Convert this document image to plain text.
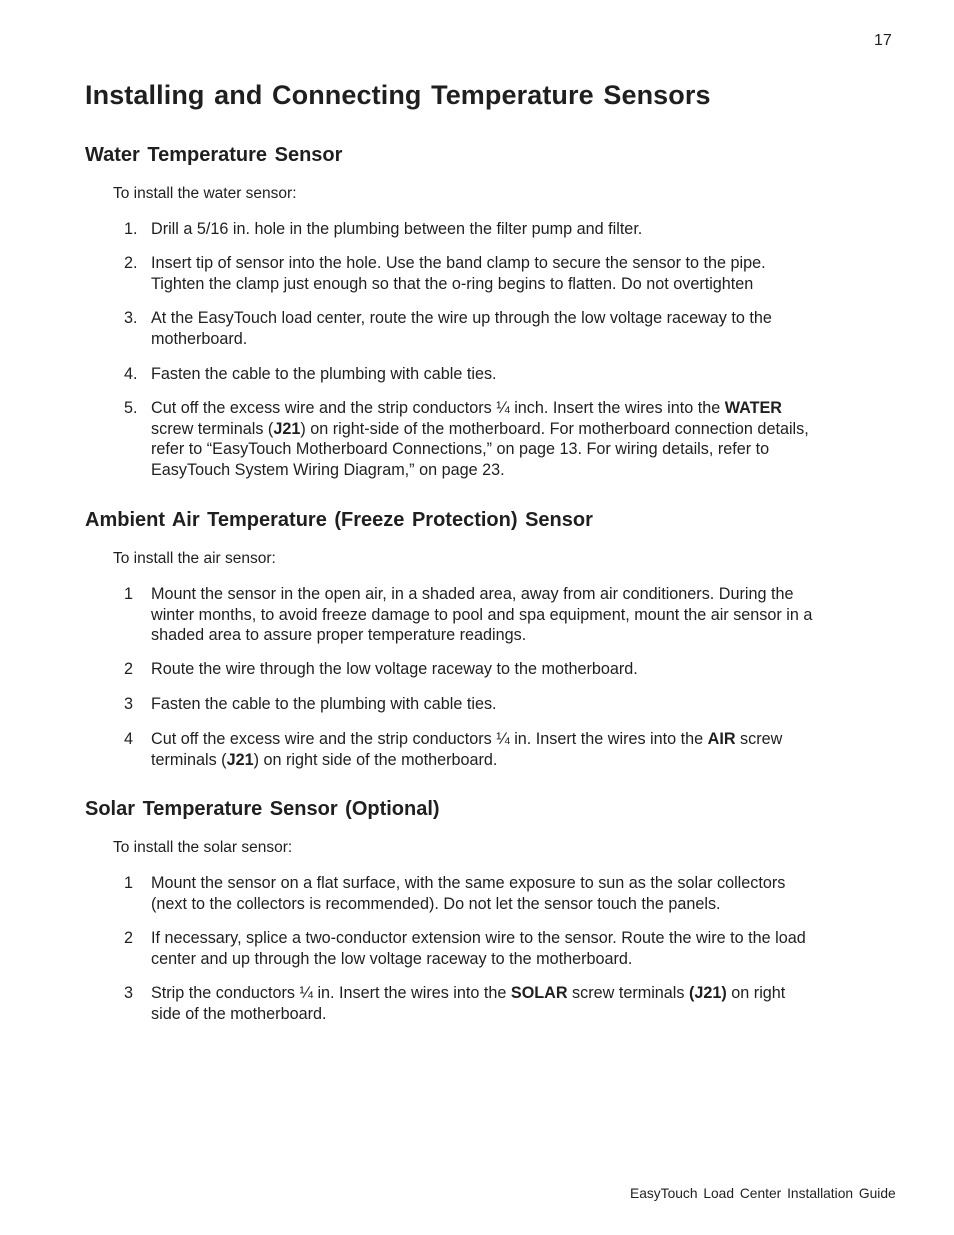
17
Installing and Connecting Temperature Sensors
Water Temperature Sensor

To install the water sensor:

1. Drill a 5/16 in. hole in the plumbing between the filter pump and filter.
2. Insert tip of sensor into the hole. Use the band clamp to secure the sensor to the pipe.
Tighten the clamp just enough so that the o-ring begins to flatten. Do not overtighten
3. At the EasyTouch load center, route the wire up through the low voltage raceway to the
motherboard.
4. Fasten the cable to the plumbing with cable ties.
5. Cut off the excess wire and the strip conductors ¼ inch. Insert the wires into the WATER
screw terminals (J21) on right-side of the motherboard. For motherboard connection details,
refer to “EasyTouch Motherboard Connections,” on page 13. For wiring details, refer to
EasyTouch System Wiring Diagram,” on page 23.
Ambient Air Temperature (Freeze Protection) Sensor

To install the air sensor:

1 Mount the sensor in the open air, in a shaded area, away from air conditioners. During the
winter months, to avoid freeze damage to pool and spa equipment, mount the air sensor in a
shaded area to assure proper temperature readings.
2 Route the wire through the low voltage raceway to the motherboard.
3 Fasten the cable to the plumbing with cable ties.
4 Cut off the excess wire and the strip conductors ¼ in. Insert the wires into the AIR screw
terminals (J21) on right side of the motherboard.
Solar Temperature Sensor (Optional)

To install the solar sensor:

1 Mount the sensor on a flat surface, with the same exposure to sun as the solar collectors
(next to the collectors is recommended). Do not let the sensor touch the panels.
2 If necessary, splice a two-conductor extension wire to the sensor. Route the wire to the load
center and up through the low voltage raceway to the motherboard.
3 Strip the conductors ¼ in. Insert the wires into the SOLAR screw terminals (J21) on right
side of the motherboard.
EasyTouch Load Center Installation Guide
